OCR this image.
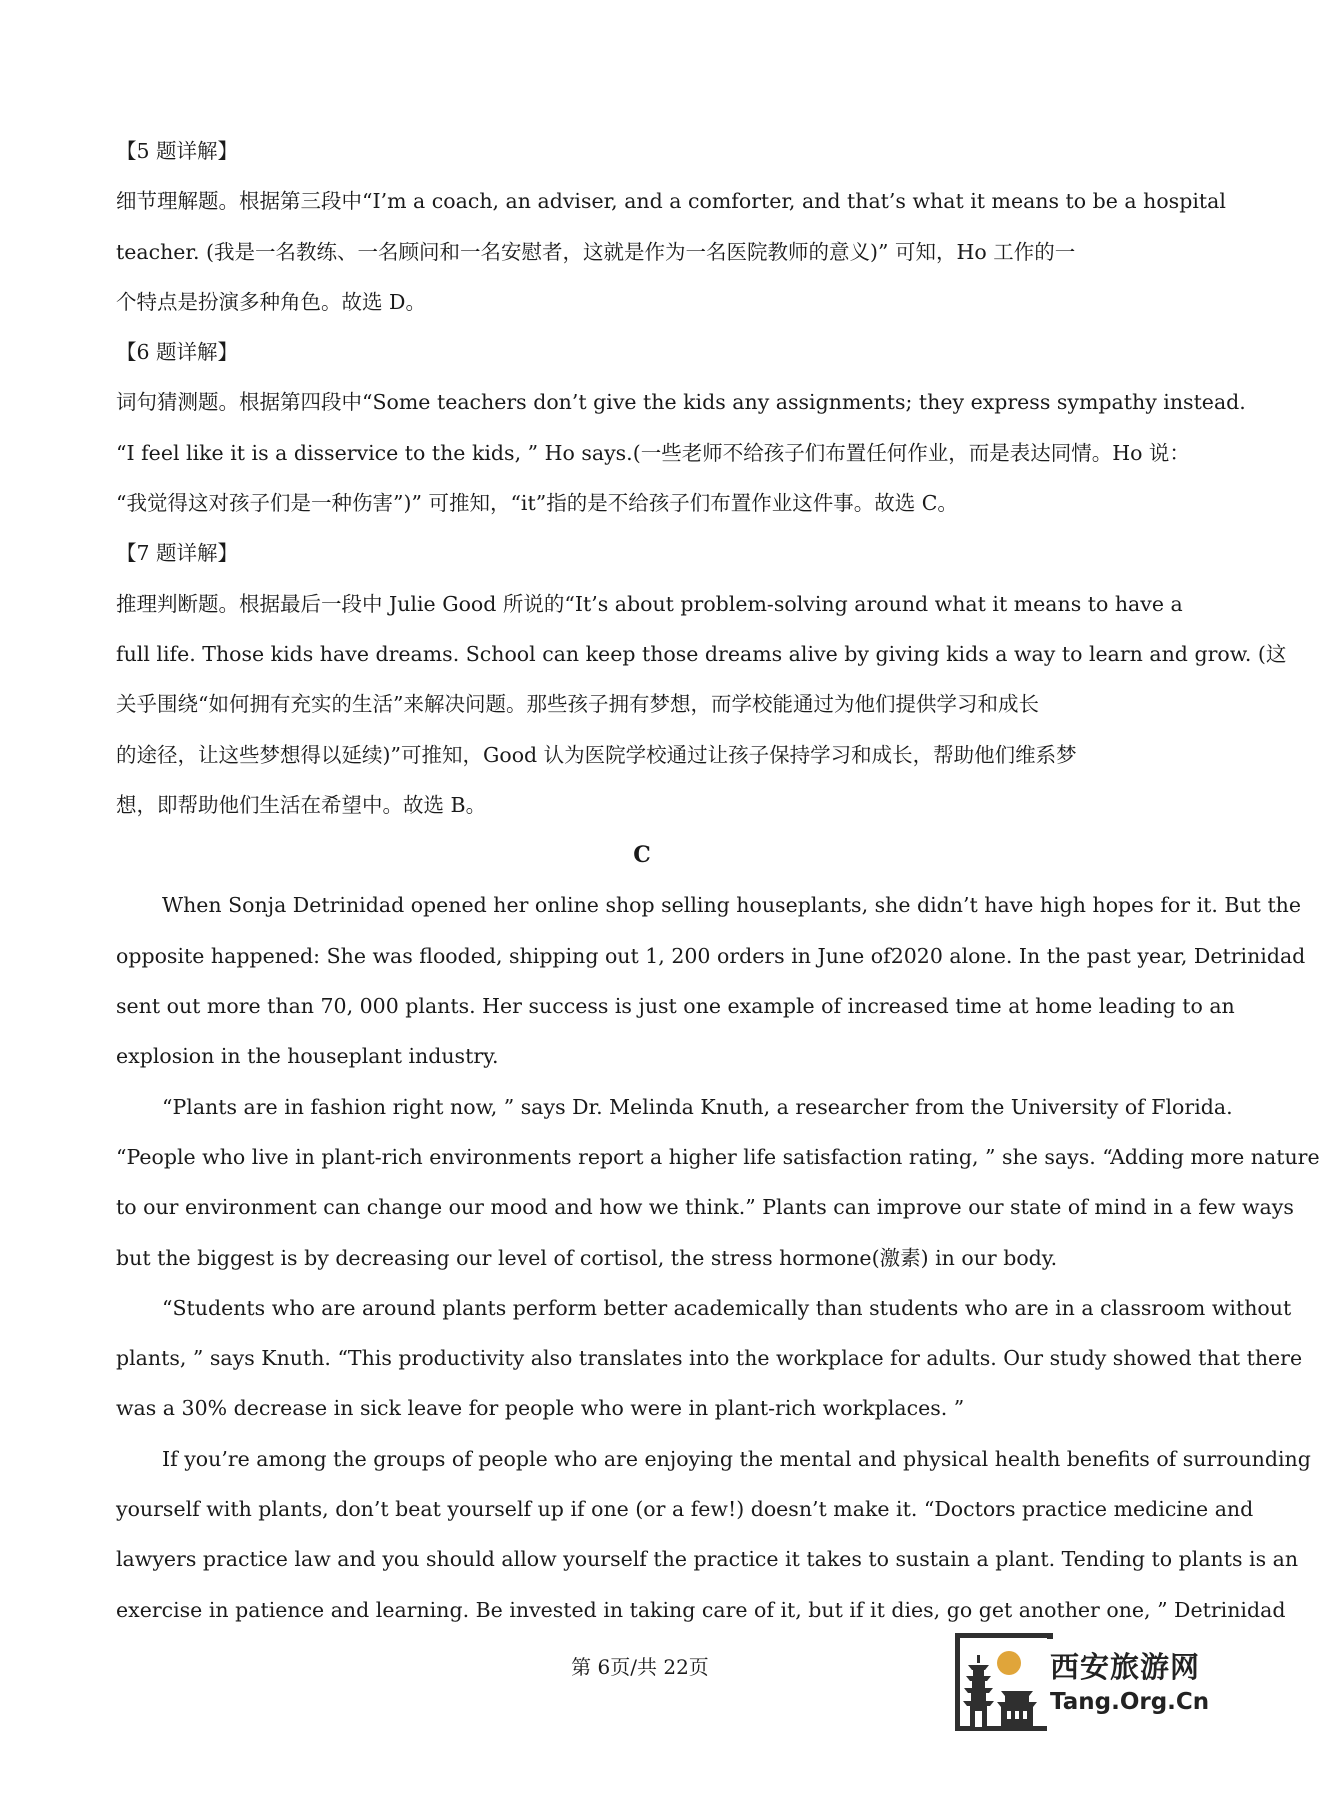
【5 题详解】

细节理解题。根据第三段中“I’m a coach, an adviser, and a comforter, and that’s what it means to be a hospital

teacher. (我是一名教练、一名顾问和一名安慰者，这就是作为一名医院教师的意义)” 可知，Ho 工作的一

个特点是扮演多种角色。故选 D。

【6 题详解】

词句猜测题。根据第四段中“Some teachers don’t give the kids any assignments; they express sympathy instead.

“I feel like it is a disservice to the kids, ” Ho says.(一些老师不给孩子们布置任何作业，而是表达同情。Ho 说：

“我觉得这对孩子们是一种伤害”)” 可推知，“it”指的是不给孩子们布置作业这件事。故选 C。

【7 题详解】

推理判断题。根据最后一段中 Julie Good 所说的“It’s about problem-solving around what it means to have a

full life. Those kids have dreams. School can keep those dreams alive by giving kids a way to learn and grow. (这

关乎围绕“如何拥有充实的生活”来解决问题。那些孩子拥有梦想，而学校能通过为他们提供学习和成长

的途径，让这些梦想得以延续)”可推知，Good 认为医院学校通过让孩子保持学习和成长，帮助他们维系梦

想，即帮助他们生活在希望中。故选 B。

C

When Sonja Detrinidad opened her online shop selling houseplants, she didn’t have high hopes for it. But the

opposite happened: She was flooded, shipping out 1, 200 orders in June of2020 alone. In the past year, Detrinidad

sent out more than 70, 000 plants. Her success is just one example of increased time at home leading to an

explosion in the houseplant industry.

“Plants are in fashion right now, ” says Dr. Melinda Knuth, a researcher from the University of Florida.

“People who live in plant-rich environments report a higher life satisfaction rating, ” she says. “Adding more nature

to our environment can change our mood and how we think.” Plants can improve our state of mind in a few ways

but the biggest is by decreasing our level of cortisol, the stress hormone(激素) in our body.

“Students who are around plants perform better academically than students who are in a classroom without

plants, ” says Knuth. “This productivity also translates into the workplace for adults. Our study showed that there

was a 30% decrease in sick leave for people who were in plant-rich workplaces. ”

If you’re among the groups of people who are enjoying the mental and physical health benefits of surrounding

yourself with plants, don’t beat yourself up if one (or a few!) doesn’t make it. “Doctors practice medicine and

lawyers practice law and you should allow yourself the practice it takes to sustain a plant. Tending to plants is an

exercise in patience and learning. Be invested in taking care of it, but if it dies, go get another one, ” Detrinidad

第 6页/共 22页	西安旅游网
Tang.Org.Cn
